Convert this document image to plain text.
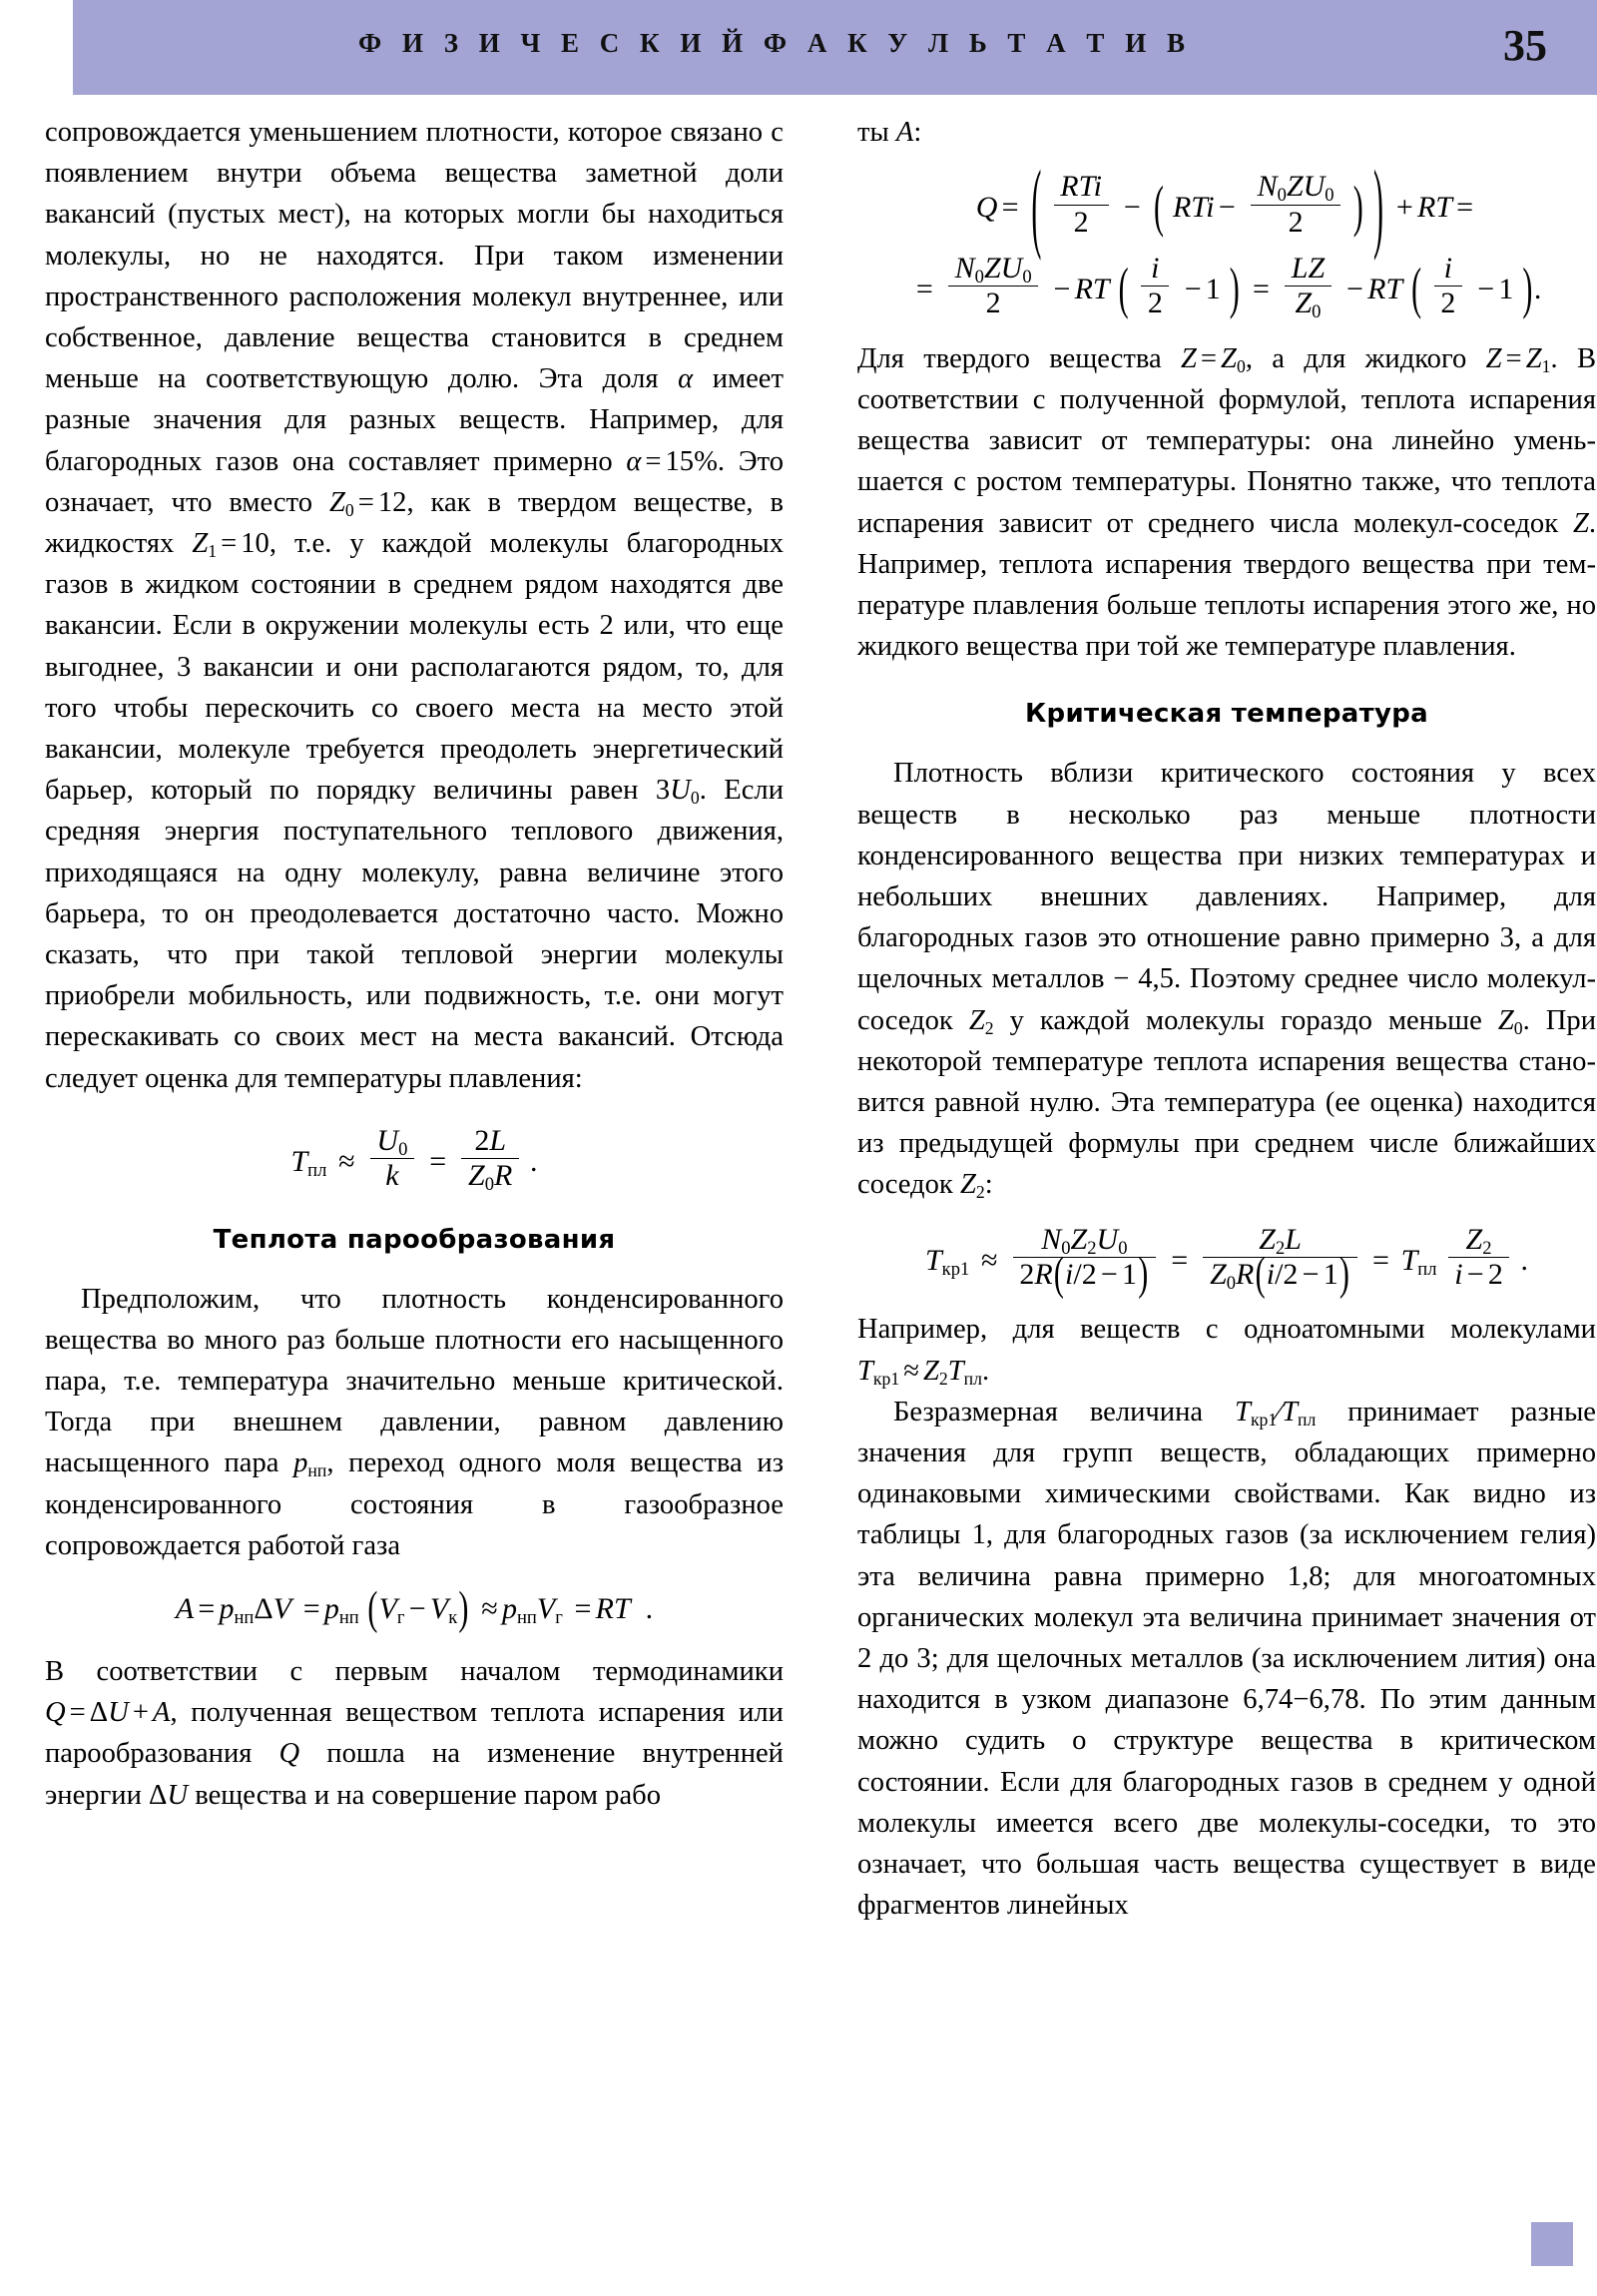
Ф И З И Ч Е С К И Й Ф А К У Л Ь Т А Т И В	35

сопровождается уменьшением плотности, которое связано с появлением внутри объема вещества заметной доли вакансий (пустых мест), на которых могли бы находиться молекулы, но не находятся. При таком изменении пространственного расположения молекул внутреннее, или собственное, давление вещества становится в среднем меньше на соответствующую долю. Эта доля α имеет разные значения для разных веществ. Например, для благородных газов она составляет примерно α = 15%. Это означает, что вместо $Z_0 = 12$, как в твердом веществе, в жидкостях $Z_1 = 10$, т.е. у каждой молекулы благородных газов в жидком состоянии в среднем рядом находятся две вакансии. Если в окружении молекулы есть 2 или, что еще выгоднее, 3 вакансии и они располагаются рядом, то, для того чтобы перескочить со своего места на место этой вакансии, молекуле требуется преодолеть энергетический барьер, который по порядку величины равен $3U_0$. Если средняя энергия поступательного теплового движения, приходящаяся на одну молекулу, равна величине этого барьера, то он преодолевается достаточно часто. Можно сказать, что при такой тепловой энергии молекулы приобрели мобильность, или подвижность, т.е. они могут перескакивать со своих мест на места вакансий. Отсюда следует оценка для температуры плавления:

$T_{пл} \approx \frac{U_0}{k} = \frac{2L}{Z_0R}$ .
Теплота парообразования

Предположим, что плотность конденсированного вещества во много раз больше плотности его насыщенного пара, т.е. температура значительно меньше критической. Тогда при внешнем давлении, равном давлению насыщенного пара $p_{нп}$, переход одного моля вещества из конденсированного состояния в газообразное сопровождается работой газа

$A = p_{нп}\Delta V = p_{нп}$ $(V_г - V_к) \approx p_{нп}V_г$ = RT  .

В соответствии с первым началом термодинамики Q = ΔU + A, полученная веществом теплота испарения или парообразования Q пошла на изменение внутренней энергии ΔU вещества и на совершение паром рабо

ты A:

Q = ( $\frac{\text{RTi}}{2}$ − ( RTi − $\frac{N_0ZU_0}{2}$ ) ) + RT =
= $\frac{N_0ZU_0}{2}$ − RT ( $\frac{i}{2} - 1$ ) = $\frac{LZ}{Z_0}$ − RT ( $\frac{i}{2} - 1$ ).

Для твердого вещества $Z = Z_0$, а для жидкого $Z = Z_1$. В соответствии с полученной формулой, теплота испарения вещества зависит от температуры: она линейно уменьшается с ростом температуры. Понятно также, что теплота испарения зависит от среднего числа молекул-соседок Z. Например, теплота испарения твердого вещества при температуре плавления больше теплоты испарения этого же, но жидкого вещества при той же температуре плавления.

Критическая температура

Плотность вблизи критического состояния у всех веществ в несколько раз меньше плотности конденсированного вещества при низких температурах и небольших внешних давлениях. Например, для благородных газов это отношение равно примерно 3, а для щелочных металлов − 4,5. Поэтому среднее число молекул-соседок $Z_2$ у каждой молекулы гораздо меньше $Z_0$. При некоторой температуре теплота испарения вещества становится равной нулю. Эта температура (ее оценка) находится из предыдущей формулы при среднем числе ближайших соседок $Z_2$:

$T_{кр1} \approx \frac{N_0Z_2U_0}{2R(i/2 - 1)} = \frac{Z_2L}{Z_0R(i/2 - 1)} = T_{пл} \frac{Z_2}{i - 2}$ .

Например, для веществ с одноатомными молекулами $T_{кр1} \approx Z_2T_{пл}$.

Безразмерная величина $T_{кр1}⁄T_{пл}$ принимает разные значения для групп веществ, обладающих примерно одинаковыми химическими свойствами. Как видно из таблицы 1, для благородных газов (за исключением гелия) эта величина равна примерно 1,8; для многоатомных органических молекул эта величина принимает значения от 2 до 3; для щелочных металлов (за исключением лития) она находится в узком диапазоне 6,74−6,78. По этим данным можно судить о структуре вещества в критическом состоянии. Если для благородных газов в среднем у одной молекулы имеется всего две молекулы-соседки, то это означает, что большая часть вещества существует в виде фрагментов линейных
